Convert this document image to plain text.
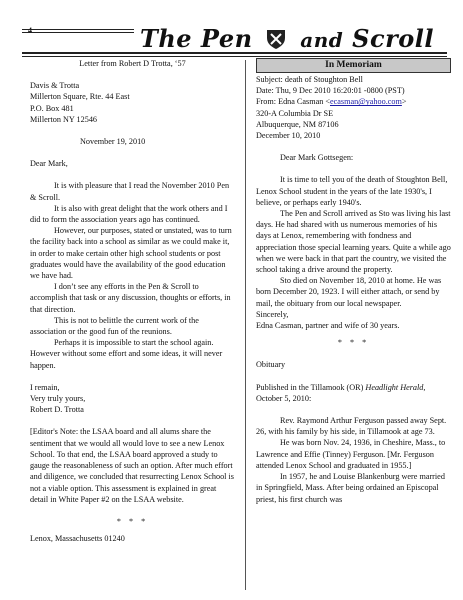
4	The Pen and Scroll

Letter from Robert D Trotta, ‘57

Davis & Trotta

Millerton Square, Rte. 44 East

P.O. Box 481

Millerton NY 12546

November 19, 2010

Dear Mark,

It is with pleasure that I read the November 2010 Pen & Scroll.

It is also with great delight that the work others and I did to form the association years ago has continued.

However, our purposes, stated or unstated, was to turn the facility back into a school as similar as we could make it, in order to make certain other high school students or post graduates would have the availability of the good education we have had.

I don’t see any efforts in the Pen & Scroll to accomplish that task or any discussion, thoughts or efforts, in that direction.

This is not to belittle the current work of the association or the good fun of the reunions.

Perhaps it is impossible to start the school again. However without some effort and some ideas, it will never happen.

I remain,

Very truly yours,

Robert D. Trotta

[Editor's Note: the LSAA board and all alums share the sentiment that we would all would love to see a new Lenox School. To that end, the LSAA board approved a study to gauge the reasonableness of such an option. After much effort and diligence, we concluded that resurrecting Lenox School is not a viable option. This assessment is explained in great detail in White Paper #2 on the LSAA website.

* * *

Lenox, Massachusetts 01240

In Memoriam

Subject: death of Stoughton Bell

Date: Thu, 9 Dec 2010 16:20:01 -0800 (PST)

From: Edna Casman <ecasman@yahoo.com>

320-A Columbia Dr SE

Albuquerque, NM 87106

December 10, 2010

Dear Mark Gottsegen:

It is time to tell you of the death of Stoughton Bell, Lenox School student in the years of the late 1930's, I believe, or perhaps early 1940's.

The Pen and Scroll arrived as Sto was living his last days. He had shared with us numerous memories of his days at Lenox, remembering with fondness and appreciation those special learning years. Quite a while ago when we were back in that part the country, we visited the school taking a drive around the property.

Sto died on November 18, 2010 at home. He was born December 20, 1923. I will either attach, or send by mail, the obituary from our local newspaper.

Sincerely,

Edna Casman, partner and wife of 30 years.

* * *

Obituary

Published in the Tillamook (OR) Headlight Herald, October 5, 2010:

Rev. Raymond Arthur Ferguson passed away Sept. 26, with his family by his side, in Tillamook at age 73.

He was born Nov. 24, 1936, in Cheshire, Mass., to Lawrence and Effie (Tinney) Ferguson. [Mr. Ferguson attended Lenox School and graduated in 1955.]

In 1957, he and Louise Blankenburg were married in Springfield, Mass. After being ordained an Episcopal priest, his first church was
